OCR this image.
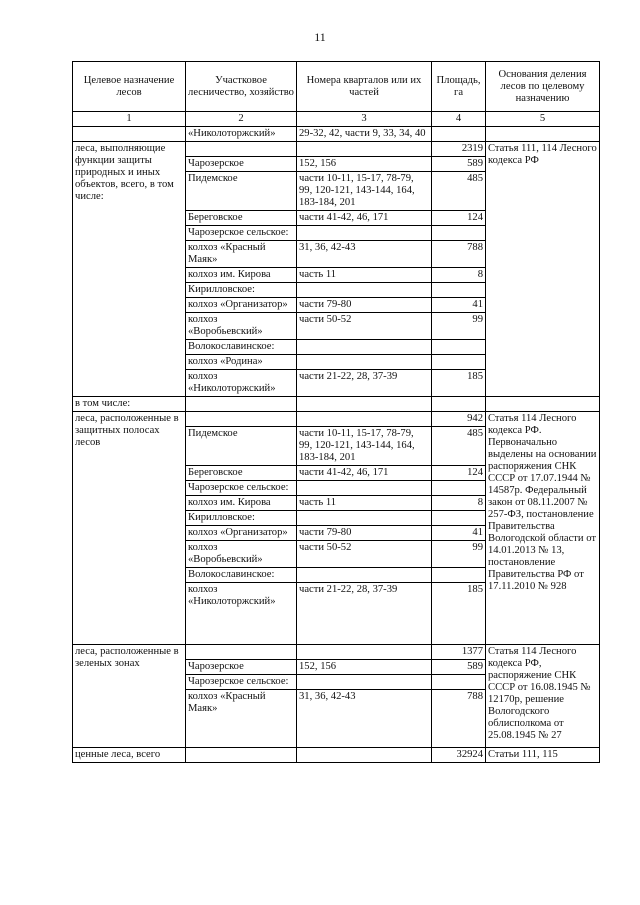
11
Целевое назначение лесов	Участковое лесничество, хозяйство	Номера кварталов или их частей	Площадь, га	Основания деления лесов по целевому назначению
1	2	3	4	5
	«Николоторжский»	29-32, 42, части 9, 33, 34, 40		
леса, выполняющие функции защиты природных и иных объектов, всего, в том числе:			2319	Статья 111, 114 Лесного кодекса РФ
	Чарозерское	152, 156	589	
	Пидемское	части 10-11, 15-17, 78-79, 99, 120-121, 143-144, 164, 183-184, 201	485	
	Береговское	части 41-42, 46, 171	124	
	Чарозерское сельское:			
	колхоз «Красный Маяк»	31, 36, 42-43	788	
	колхоз им. Кирова	часть 11	8	
	Кирилловское:			
	колхоз «Организатор»	части 79-80	41	
	колхоз «Воробьевский»	части 50-52	99	
	Волокославинское:			
	колхоз «Родина»			
	колхоз «Николоторжский»	части 21-22, 28, 37-39	185	
в том числе:				
леса, расположенные в защитных полосах лесов			942	Статья 114 Лесного кодекса РФ. Первоначально выделены на основании распоряжения СНК СССР от 17.07.1944 № 14587р. Федеральный закон от 08.11.2007 № 257-ФЗ, постановление Правительства Вологодской области от 14.01.2013 № 13, постановление Правительства РФ от 17.11.2010 № 928
	Пидемское	части 10-11, 15-17, 78-79, 99, 120-121, 143-144, 164, 183-184, 201	485	
	Береговское	части 41-42, 46, 171	124	
	Чарозерское сельское:			
	колхоз им. Кирова	часть 11	8	
	Кирилловское:			
	колхоз «Организатор»	части 79-80	41	
	колхоз «Воробьевский»	части 50-52	99	
	Волокославинское:			
	колхоз «Николоторжский»	части 21-22, 28, 37-39	185	
леса, расположенные в зеленых зонах			1377	Статья 114 Лесного кодекса РФ, распоряжение СНК СССР от 16.08.1945 № 12170р, решение Вологодского облисполкома от 25.08.1945 № 27
	Чарозерское	152, 156	589	
	Чарозерское сельское:			
	колхоз «Красный Маяк»	31, 36, 42-43	788	
ценные леса, всего			32924	Статьи 111, 115
